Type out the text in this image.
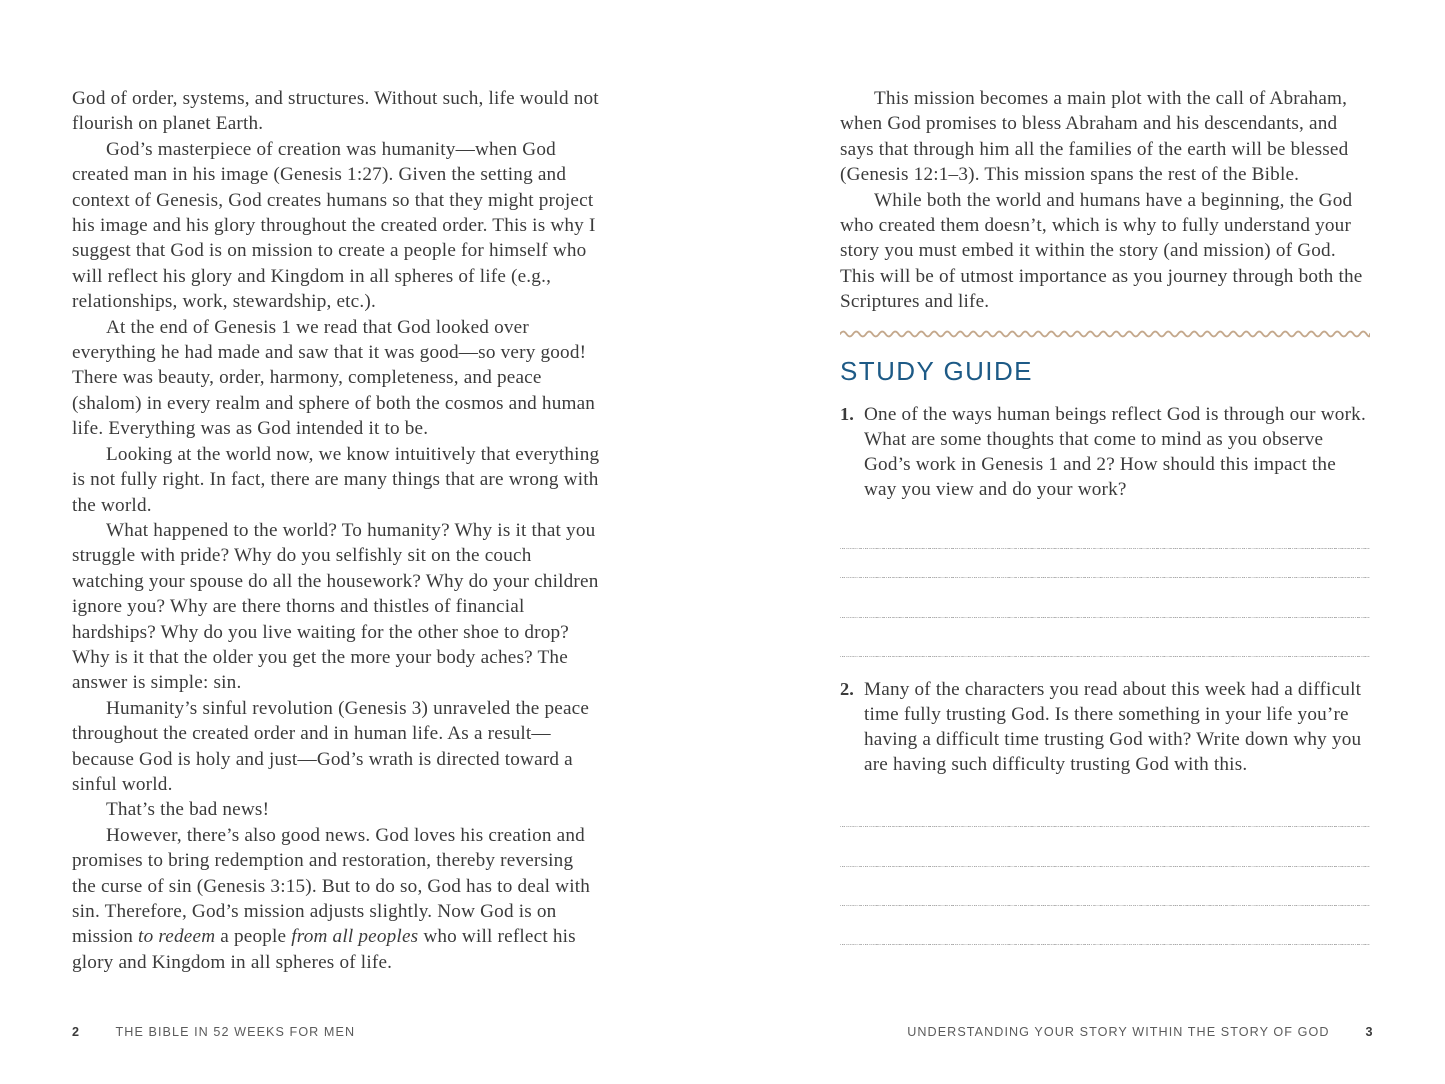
God of order, systems, and structures. Without such, life would not flourish on planet Earth.

God’s masterpiece of creation was humanity—when God created man in his image (Genesis 1:27). Given the setting and context of Genesis, God creates humans so that they might project his image and his glory throughout the created order. This is why I suggest that God is on mission to create a people for himself who will reflect his glory and Kingdom in all spheres of life (e.g., relationships, work, stewardship, etc.).

At the end of Genesis 1 we read that God looked over everything he had made and saw that it was good—so very good! There was beauty, order, harmony, completeness, and peace (shalom) in every realm and sphere of both the cosmos and human life. Everything was as God intended it to be.

Looking at the world now, we know intuitively that everything is not fully right. In fact, there are many things that are wrong with the world.

What happened to the world? To humanity? Why is it that you struggle with pride? Why do you selfishly sit on the couch watching your spouse do all the housework? Why do your children ignore you? Why are there thorns and thistles of financial hardships? Why do you live waiting for the other shoe to drop? Why is it that the older you get the more your body aches? The answer is simple: sin.

Humanity’s sinful revolution (Genesis 3) unraveled the peace throughout the created order and in human life. As a result—because God is holy and just—God’s wrath is directed toward a sinful world.

That’s the bad news!

However, there’s also good news. God loves his creation and promises to bring redemption and restoration, thereby reversing the curse of sin (Genesis 3:15). But to do so, God has to deal with sin. Therefore, God’s mission adjusts slightly. Now God is on mission to redeem a people from all peoples who will reflect his glory and Kingdom in all spheres of life.

This mission becomes a main plot with the call of Abraham, when God promises to bless Abraham and his descendants, and says that through him all the families of the earth will be blessed (Genesis 12:1–3). This mission spans the rest of the Bible.

While both the world and humans have a beginning, the God who created them doesn’t, which is why to fully understand your story you must embed it within the story (and mission) of God. This will be of utmost importance as you journey through both the Scriptures and life.

STUDY GUIDE
1. One of the ways human beings reflect God is through our work. What are some thoughts that come to mind as you observe God’s work in Genesis 1 and 2? How should this impact the way you view and do your work?
2. Many of the characters you read about this week had a difficult time fully trusting God. Is there something in your life you’re having a difficult time trusting God with? Write down why you are having such difficulty trusting God with this.
2	THE BIBLE IN 52 WEEKS FOR MEN	UNDERSTANDING YOUR STORY WITHIN THE STORY OF GOD	3
